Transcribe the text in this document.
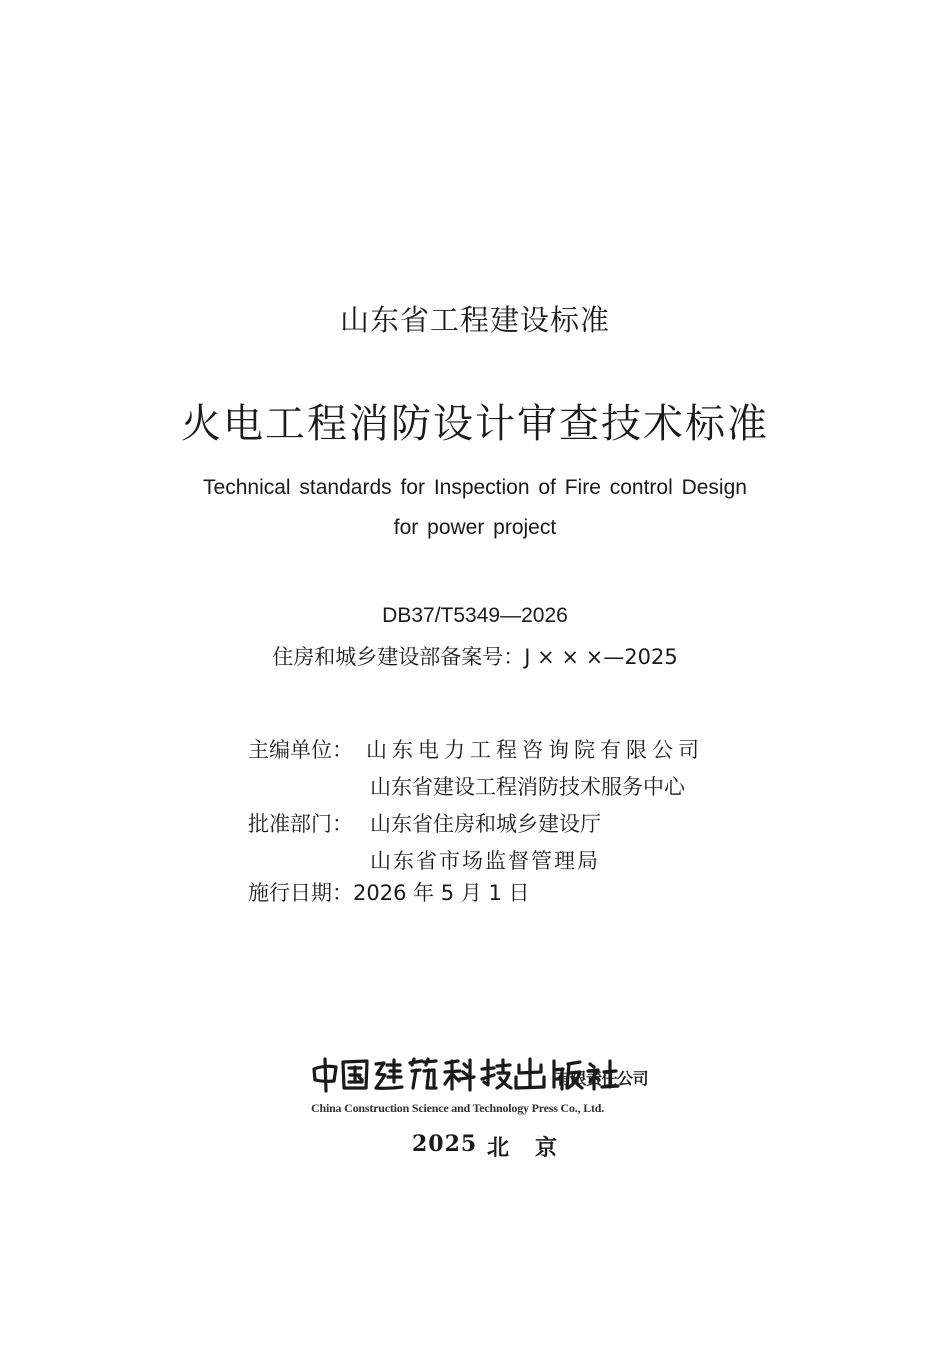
山东省工程建设标准
火电工程消防设计审查技术标准
Technical standards for Inspection of Fire control Design
for power project
DB37/T5349—2026
住房和城乡建设部备案号：J × × ×—2025
主编单位： 山东电力工程咨询院有限公司
山东省建设工程消防技术服务中心
批准部门： 山东省住房和城乡建设厅
山东省市场监督管理局
施行日期：2026 年 5 月 1 日
有限责任公司
China Construction Science and Technology Press Co., Ltd.
2025 北京
